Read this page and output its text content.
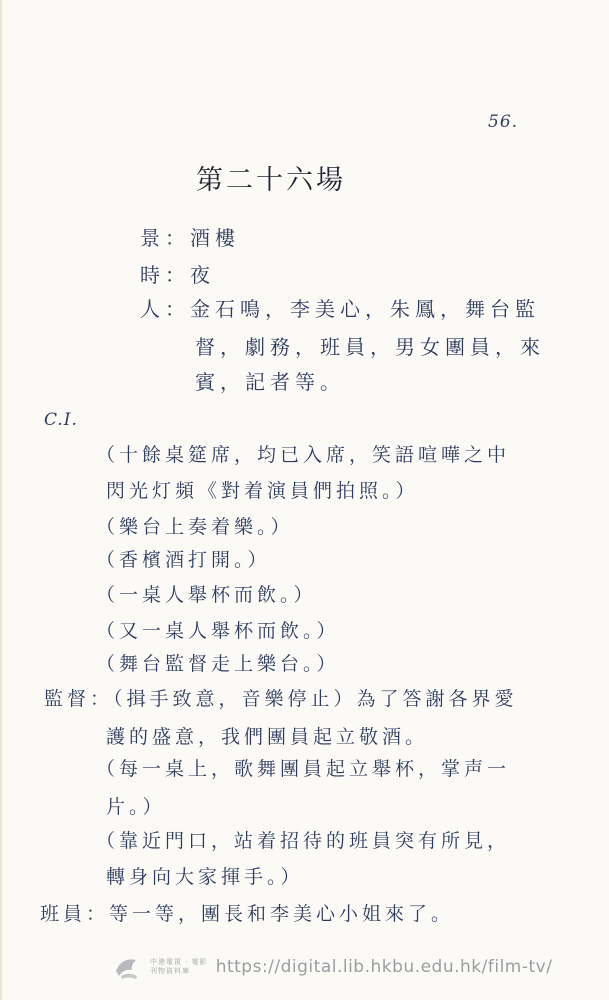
56.
第二十六場
景：酒樓
時：夜
人：金石鳴，李美心，朱鳳，舞台監
督，劇務，班員，男女團員，來
賓，記者等。
C.I.
（十餘桌筵席，均已入席，笑語喧嘩之中
閃光灯頻《對着演員們拍照。）
（樂台上奏着樂。）
（香檳酒打開。）
（一桌人舉杯而飲。）
（又一桌人舉杯而飲。）
（舞台監督走上樂台。）
監督：（揖手致意，音樂停止）為了答謝各界愛
護的盛意，我們團員起立敬酒。
（每一桌上，歌舞團員起立舉杯，掌声一
片。）
（靠近門口，站着招待的班員突有所見，
轉身向大家揮手。）
班員：等一等，團長和李美心小姐來了。
中港電視 · 電影
刊物資料庫	https://digital.lib.hkbu.edu.hk/film-tv/
